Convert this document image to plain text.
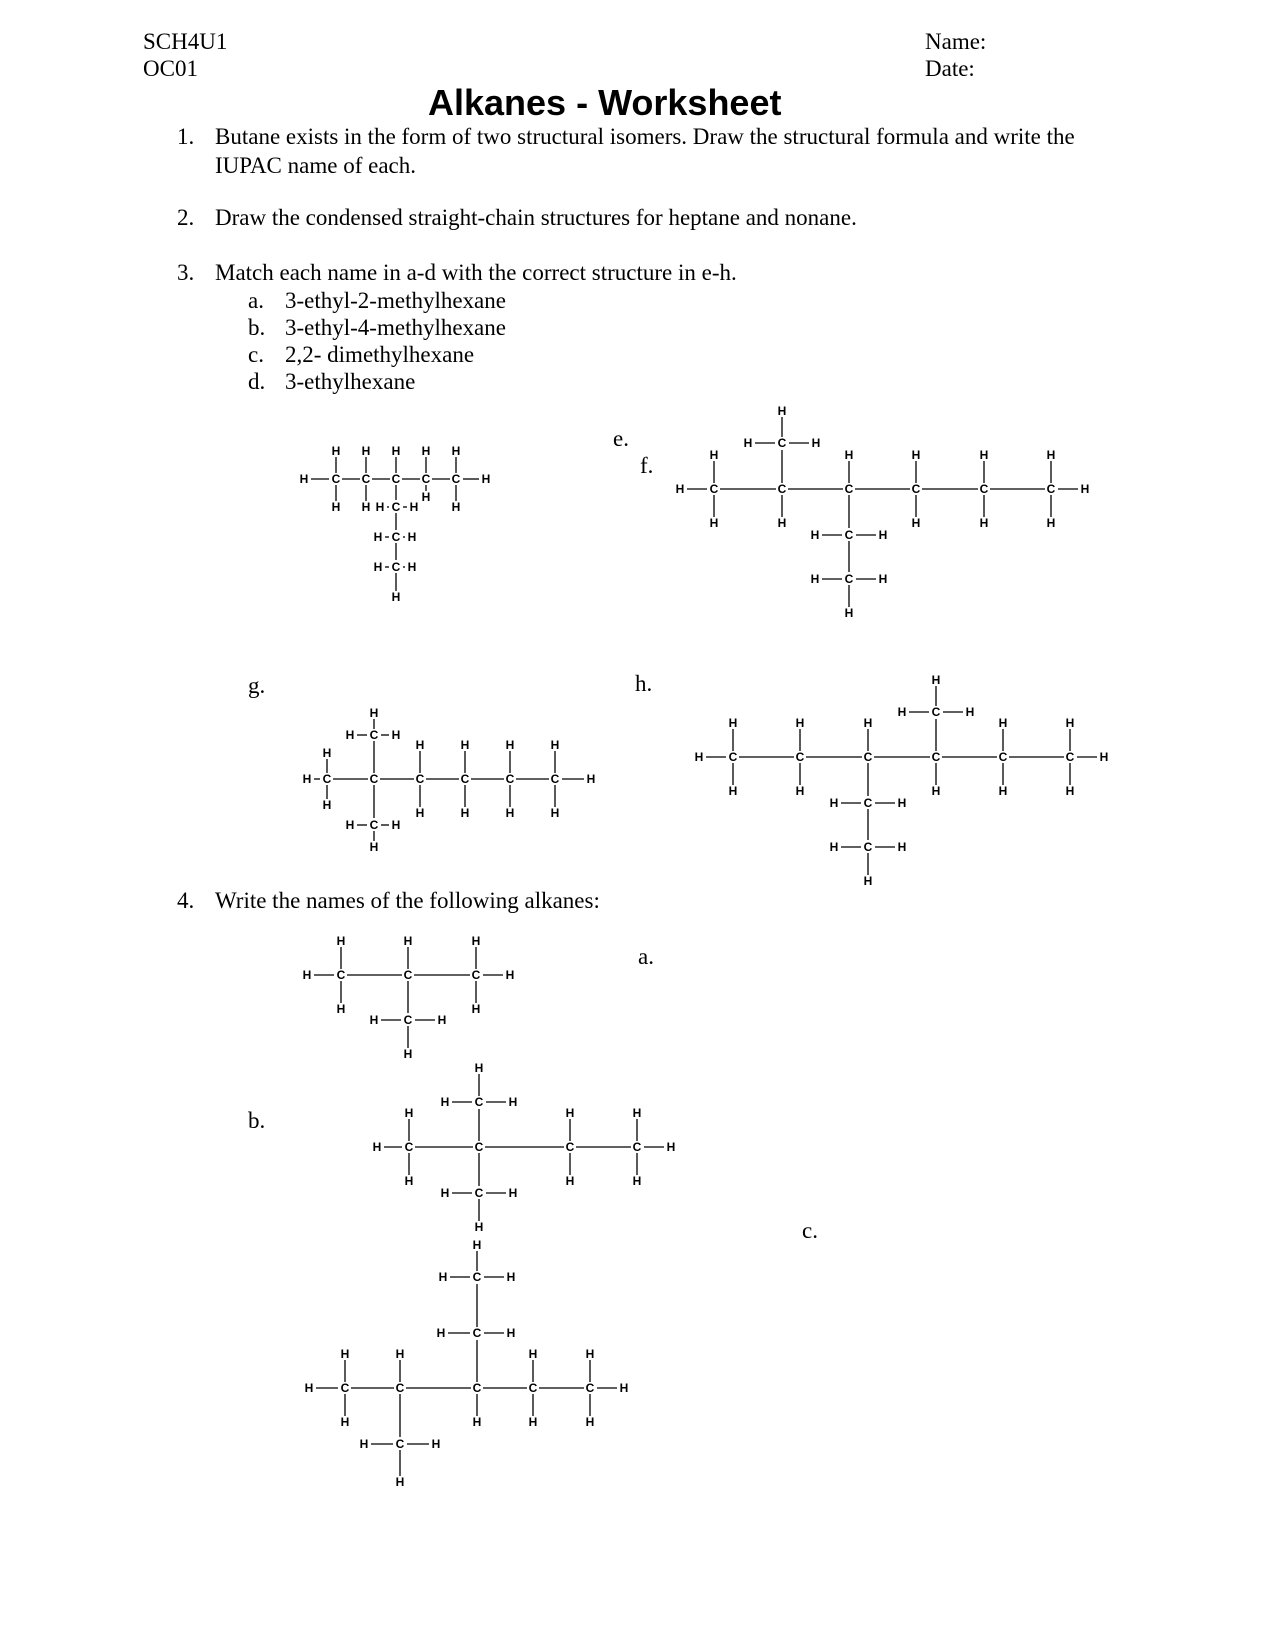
SCH4U1
OC01
Name:
Date:
Alkanes - Worksheet
1. Butane exists in the form of two structural isomers. Draw the structural formula and write the IUPAC name of each.
2. Draw the condensed straight-chain structures for heptane and nonane.
3. Match each name in a-d with the correct structure in e-h.
a. 3-ethyl-2-methylhexane
b. 3-ethyl-4-methylhexane
c. 2,2- dimethylhexane
d. 3-ethylhexane
e.
f.
g.	h.
4. Write the names of the following alkanes:
a.
b.
c.
C C C C C
H	H
H H H H H
H H
H
H
C
H H
C
H H
C
H H
H
C	C	C	C	C	C
H	H
H	H	H	H	H
H	H	H	H	H
C
H	H
H
C
H	H
C
H	H
H
C	C	C	C	C	C
H	H
H
H
H
H
H
H
H
H
H
H
C
H	H
H
C
H	H
H
C	C	C	C	C	C
H	H
H	H	H	H	H
H	H	H	H	H
C
H	H
H
C
H	H
C
H	H
H
C	C	C
H	H
H	H	H
H	H
C
H	H
H
C	C	C	C
H	H
H
H
H
H
H
H
C
H	H
H
C
H	H
H
C	C	C	C	C
H	H
H	H	H	H
H	H	H	H
C
H	H
C
H	H
H
C
H	H
H
